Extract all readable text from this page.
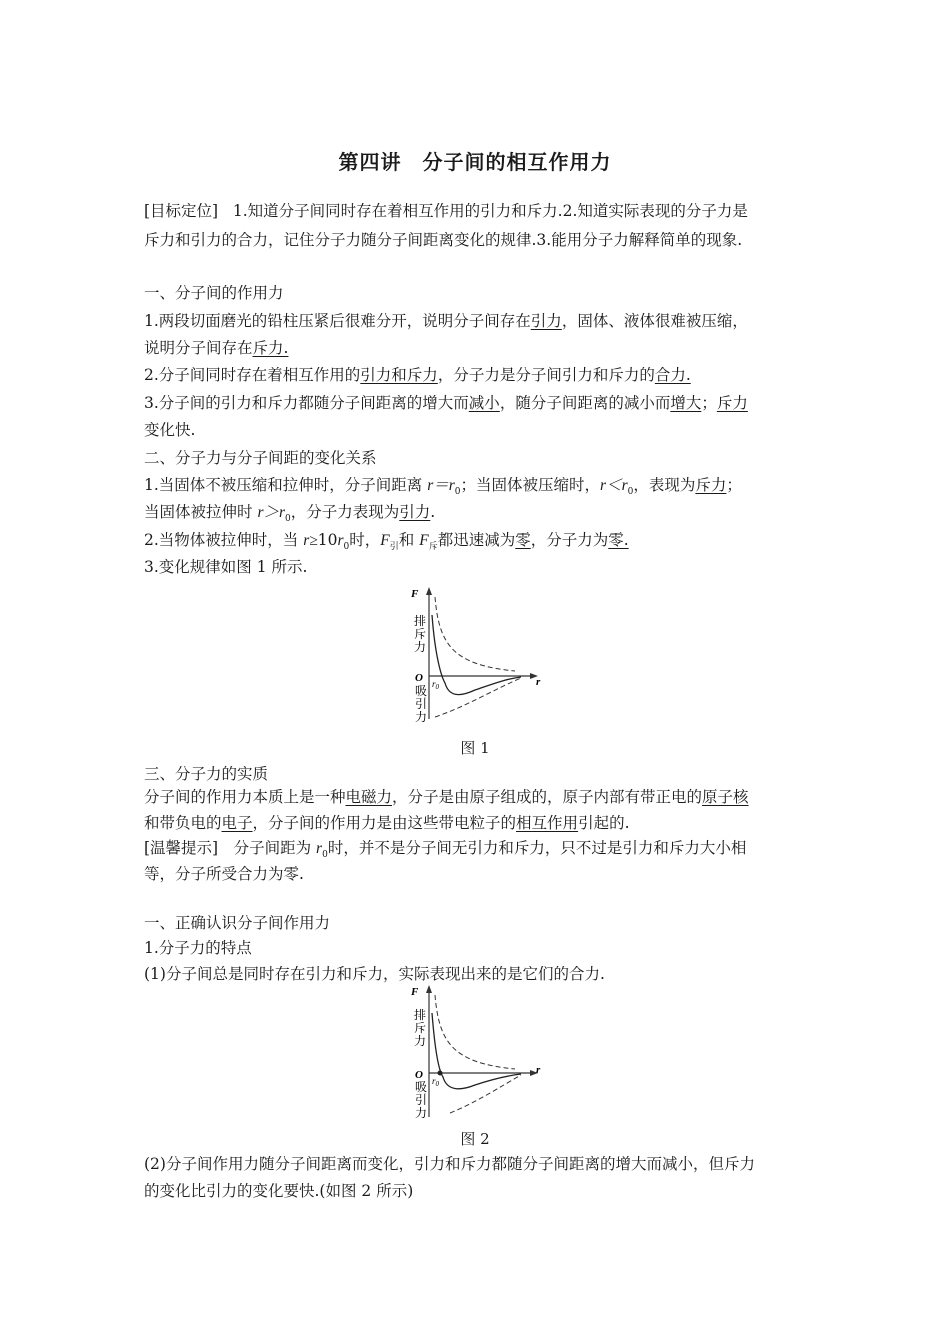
第四讲　分子间的相互作用力
[目标定位] 1.知道分子间同时存在着相互作用的引力和斥力.2.知道实际表现的分子力是
斥力和引力的合力，记住分子力随分子间距离变化的规律.3.能用分子力解释简单的现象.
一、分子间的作用力
1.两段切面磨光的铅柱压紧后很难分开，说明分子间存在引力，固体、液体很难被压缩，
说明分子间存在斥力.
2.分子间同时存在着相互作用的引力和斥力，分子力是分子间引力和斥力的合力.
3.分子间的引力和斥力都随分子间距离的增大而减小，随分子间距离的减小而增大；斥力
变化快.
二、分子力与分子间距的变化关系
1.当固体不被压缩和拉伸时，分子间距离 $r=r_0$；当固体被压缩时，$r<r_0$，表现为斥力；
当固体被拉伸时 $r>r_0$，分子力表现为引力.
2.当物体被拉伸时，当 $r\ge 10r_0$时，$F_引$和 $F_斥$都迅速减为零，分子力为零.
3.变化规律如图 1 所示.
F
排斥力
O
吸引力
$r_0$	r
图 1
三、分子力的实质
分子间的作用力本质上是一种电磁力，分子是由原子组成的，原子内部有带正电的原子核
和带负电的电子，分子间的作用力是由这些带电粒子的相互作用引起的.
[温馨提示]　分子间距为 $r_0$时，并不是分子间无引力和斥力，只不过是引力和斥力大小相
等，分子所受合力为零.
一、正确认识分子间作用力
1.分子力的特点
(1)分子间总是同时存在引力和斥力，实际表现出来的是它们的合力.
F
排斥力
O
吸引力
$r_0$
r
图 2
(2)分子间作用力随分子间距离而变化，引力和斥力都随分子间距离的增大而减小，但斥力
的变化比引力的变化要快.(如图 2 所示)
